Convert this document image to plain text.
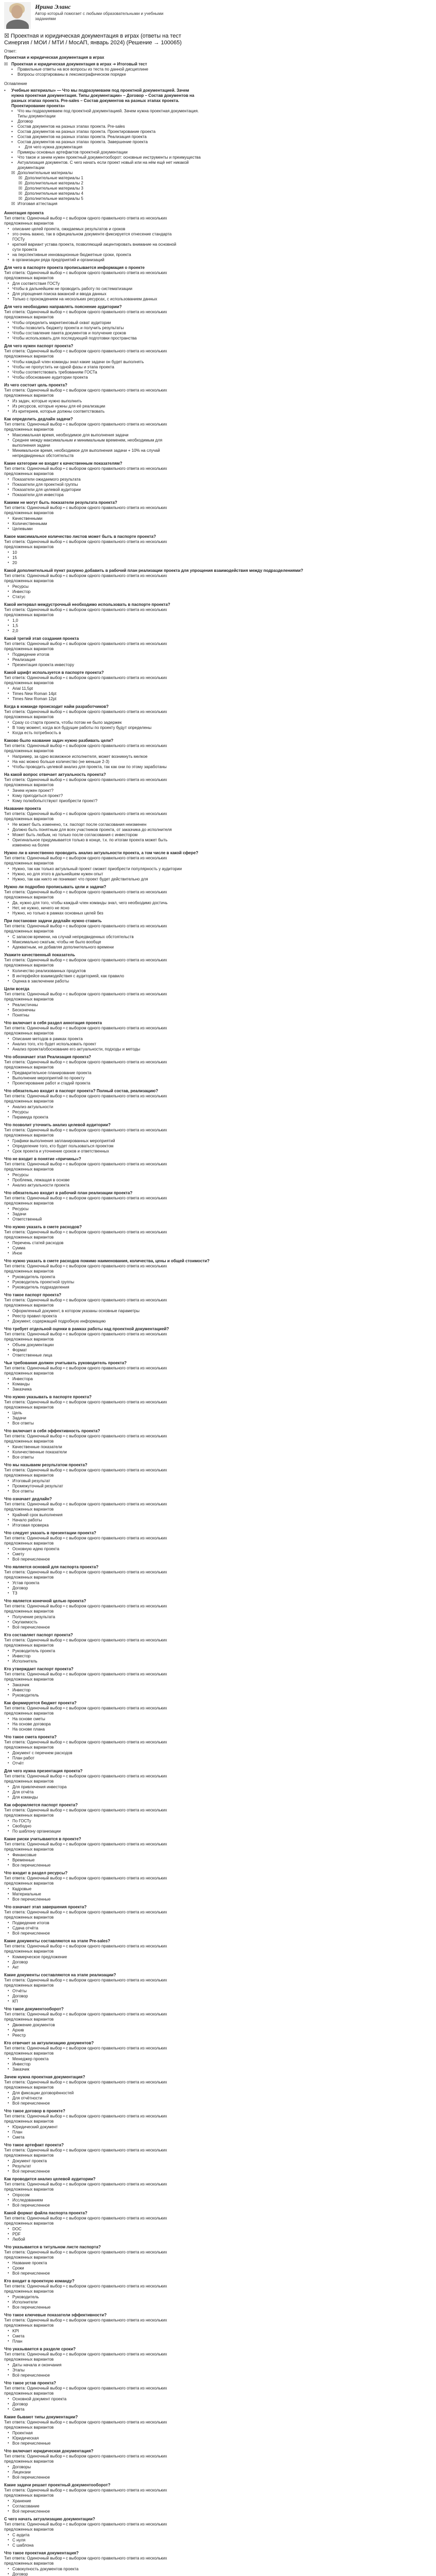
Ирина Эланс
Автор который помогает с любыми образовательными и учебными заданиями
☒ Проектная и юридическая документация в играх (ответы на тест Синергия / МОИ / МТИ / МосАП, январь 2024) (Решение → 100065)
Ответ:
Проектная и юридическая документация в играх
☒ Проектная и юридическая документация в играх ➔ Итоговый тест
•	Правильные ответы на все вопросы из теста по данной дисциплине
•	Вопросы отсортированы в лексикографическом порядке
Оглавление
•	Учебные материалы» — Что мы подразумеваем под проектной документацией. Зачем нужна проектная документация. Типы документации» – Договор – Состав документов на разных этапах проекта. Pre-sales – Состав документов на разных этапах проекта. Проектирование проекта»
•	Что мы подразумеваем под проектной документацией. Зачем нужна проектная документация. Типы документации
•	Договор
•	Состав документов на разных этапах проекта. Pre-sales
•	Состав документов на разных этапах проекта. Проектирование проекта
•	Состав документов на разных этапах проекта. Реализация проекта
•	Состав документов на разных этапах проекта. Завершение проекта
•	Для чего нужна документация
•	Примеры основных артефактов проектной документации
•	Что такое и зачем нужен проектный документооборот: основные инструменты и преимущества
•	Актуализация документов. С чего начать если проект новый или на нём ещё нет никакой документации
☒ Дополнительные материалы
☒ Дополнительные материалы 1
☒ Дополнительные материалы 2
☒ Дополнительные материалы 3
☒ Дополнительные материалы 4
☒ Дополнительные материалы 5
☒ Итоговая аттестация
Аннотация проекта
Тип ответа: Одиночный выбор • с выбором одного правильного ответа из нескольких предложенных вариантов
• описание целей проекта, ожидаемых результатов и сроков
• это очень важно, так в официальном документе фиксируется отнесение стандарта ГОСТу
• краткий вариант устава проекта, позволяющий акцентировать внимание на основной сути проекта
• на перспективные инновационные бюджетные сроки, проекта
• в организации ряда предприятий и организаций
Для чего в паспорте проекта прописывается информация о проекте
Тип ответа: Одиночный выбор • с выбором одного правильного ответа из нескольких предложенных вариантов
• Для соответствия ГОСТу
• Чтобы в дальнейшем не проводить работу по систематизации
• Для упрощения поиска вакансий и ввода данных
• Только с прохождением на нескольких ресурсах, с использованием данных
Для чего необходимо направлять пояснение аудитории?
Тип ответа: Одиночный выбор • с выбором одного правильного ответа из нескольких предложенных вариантов
• Чтобы определить маркетинговый охват аудитории
• Чтобы позволить бюджету проекта и получить результаты
• Чтобы составление пакета документов и получение сроков
• Чтобы использовать для последующей подготовки пространства
Для чего нужен паспорт проекта?
Тип ответа: Одиночный выбор • с выбором одного правильного ответа из нескольких предложенных вариантов
• Чтобы каждый член команды знал какие задачи он будет выполнять
• Чтобы не пропустить ни одной фазы и этапа проекта
• Чтобы соответствовать требованиям ГОСТа
• Чтобы обоснование аудитории проекта
Из чего состоит цель проекта?
Тип ответа: Одиночный выбор • с выбором одного правильного ответа из нескольких предложенных вариантов
• Из задач, которые нужно выполнить
• Из ресурсов, которые нужны для её реализации
• Из критериев, которые должны соответствовать
Как определить дедлайн задачи?
Тип ответа: Одиночный выбор • с выбором одного правильного ответа из нескольких предложенных вариантов
• Максимальная время, необходимое для выполнения задачи
• Среднее между максимальным и минимальным временем, необходимым для выполнения задачи
• Минимальное время, необходимое для выполнения задачи + 10% на случай непредвиденных обстоятельств
Какие категории не входят к качественным показателям?
Тип ответа: Одиночный выбор • с выбором одного правильного ответа из нескольких предложенных вариантов
• Показатели ожидаемого результата
• Показатели для проектной группы
• Показатели для целевой аудитории
• Показатели для инвестора
Какими не могут быть показатели результата проекта?
Тип ответа: Одиночный выбор • с выбором одного правильного ответа из нескольких предложенных вариантов
• Качественными
• Количественными
• Целевыми
Какое максимальное количество листов может быть в паспорте проекта?
Тип ответа: Одиночный выбор • с выбором одного правильного ответа из нескольких предложенных вариантов
• 10
• 15
• 20
Какой дополнительный пункт разумно добавить в рабочий план реализации проекта для упрощения взаимодействия между подразделениями?
Тип ответа: Одиночный выбор • с выбором одного правильного ответа из нескольких предложенных вариантов
• Ресурсы
• Инвестор
• Статус
Какой интервал междустрочный необходимо использовать в паспорте проекта?
Тип ответа: Одиночный выбор • с выбором одного правильного ответа из нескольких предложенных вариантов
• 1,0
• 1,5
• 2,0
Какой третий этап создания проекта
Тип ответа: Одиночный выбор • с выбором одного правильного ответа из нескольких предложенных вариантов
• Подведение итогов
• Реализация
• Презентация проекта инвестору
Какой шрифт используется в паспорте проекта?
Тип ответа: Одиночный выбор • с выбором одного правильного ответа из нескольких предложенных вариантов
• Arial 11,5pt
• Times New Roman 14pt
• Times New Roman 12pt
Когда в команде происходит найм разработчиков?
Тип ответа: Одиночный выбор • с выбором одного правильного ответа из нескольких предложенных вариантов
• Сразу со старта проекта, чтобы потом не было задержек
• В тому момент, когда вся будущие работы по проекту будут определены
• Когда есть потребность в
Каково было название задач нужно разбивать цели?
Тип ответа: Одиночный выбор • с выбором одного правильного ответа из нескольких предложенных вариантов
• Например, за одно возможное исполнителя, может возникнуть мелкое
• На нас можно больше количество (не меньше 2-3)
• Чтобы проводить целевой анализ для проекта, так как они по этому заработаны
На какой вопрос отвечает актуальность проекта?
Тип ответа: Одиночный выбор • с выбором одного правильного ответа из нескольких предложенных вариантов
• Зачем нужен проект?
• Кому пригодиться проект?
• Кому полюбопытствуют приобрести проект?
Название проекта
Тип ответа: Одиночный выбор • с выбором одного правильного ответа из нескольких предложенных вариантов
• Не может быть изменено, т.к. паспорт после согласования неизменен
• Должно быть понятным для всех участников проекта, от заказчика до исполнителя
• Может быть любым, но только после согласования с инвестором
• Оригинальное придумывается только в конце, т.к. по итогам проекта может быть изменено на более
Нужно ли в качественно проводить анализ актуальности проекта, а том числе в какой сфере?
Тип ответа: Одиночный выбор • с выбором одного правильного ответа из нескольких предложенных вариантов
• Нужно, так как только актуальный проект сможет приобрести популярность у аудитории
• Нужно, но для этого в дальнейшем нужен опыт
• Нужно, так как никто не понимает что проект будет действительно для
Нужно ли подробно прописывать цели и задачи?
Тип ответа: Одиночный выбор • с выбором одного правильного ответа из нескольких предложенных вариантов
• Да, нужно для того, чтобы каждый член команды знал, чего необходимо достичь
• Нет, не нужно, ничего не ясно
• Нужно, но только в рамках основных целей без
При постановке задачи дедлайн нужно ставить
Тип ответа: Одиночный выбор • с выбором одного правильного ответа из нескольких предложенных вариантов
• С запасом времени, на случай непредвиденных обстоятельств
• Максимально сжатым, чтобы не было вообще
• Адекватным, не добавляя дополнительного времени
Укажите качественный показатель
Тип ответа: Одиночный выбор • с выбором одного правильного ответа из нескольких предложенных вариантов
• Количество реализованных продуктов
• В интерфейсе взаимодействия с аудиторией, как правило
• Оценка в заключении работы
Цели всегда
Тип ответа: Одиночный выбор • с выбором одного правильного ответа из нескольких предложенных вариантов
• Реалистичны
• Бесконечны
• Понятны
Что включает в себя раздел аннотация проекта
Тип ответа: Одиночный выбор • с выбором одного правильного ответа из нескольких предложенных вариантов
• Описание методов в рамках проекта
• Анализ того, кто будет использовать проект
• Анализ проекта/обоснование его актуальности, подходы и методы
Что обозначает этап Реализация проекта?
Тип ответа: Одиночный выбор • с выбором одного правильного ответа из нескольких предложенных вариантов
• Предварительное планирование проекта
• Выполнение мероприятий по проекту
• Проектирование работ и стадий проекта
Что обязательно входит в паспорт проекта? Полный состав, реализацию?
Тип ответа: Одиночный выбор • с выбором одного правильного ответа из нескольких предложенных вариантов
• Анализ актуальности
• Ресурсы
• Пирамида проекта
Что позволит уточнить анализ целевой аудитории?
Тип ответа: Одиночный выбор • с выбором одного правильного ответа из нескольких предложенных вариантов
• Графики выполнения запланированных мероприятий
• Определение того, кто будет пользоваться проектом
• Срок проекта и уточнение сроков и ответственных
Что не входит в понятие «причины»?
Тип ответа: Одиночный выбор • с выбором одного правильного ответа из нескольких предложенных вариантов
• Ресурсы
• Проблема, лежащая в основе
• Анализ актуальности проекта
Что обязательно входит в рабочий план реализации проекта?
Тип ответа: Одиночный выбор • с выбором одного правильного ответа из нескольких предложенных вариантов
• Ресурсы
• Задачи
• Ответственный
Что нужно указать в смете расходов?
Тип ответа: Одиночный выбор • с выбором одного правильного ответа из нескольких предложенных вариантов
• Перечень статей расходов
• Сумма
• Иное
Что нужно указать в смете расходов помимо наименования, количества, цены и общей стоимости?
Тип ответа: Одиночный выбор • с выбором одного правильного ответа из нескольких предложенных вариантов
• Руководитель проекта
• Руководитель проектной группы
• Руководитель подразделения
Что такое паспорт проекта?
Тип ответа: Одиночный выбор • с выбором одного правильного ответа из нескольких предложенных вариантов
• Оформленный документ, в котором указаны основные параметры
• Реестр правил проекта
• Документ, содержащий подробную информацию
Что требует отдельной оценки в рамках работы над проектной документацией?
Тип ответа: Одиночный выбор • с выбором одного правильного ответа из нескольких предложенных вариантов
• Объем документации
• Формат
• Ответственные лица
Чьи требования должен учитывать руководитель проекта?
Тип ответа: Одиночный выбор • с выбором одного правильного ответа из нескольких предложенных вариантов
• Инвестора
• Команды
• Заказчика
Что нужно указывать в паспорте проекта?
Тип ответа: Одиночный выбор • с выбором одного правильного ответа из нескольких предложенных вариантов
• Цель
• Задачи
• Все ответы
Что включает в себя эффективность проекта?
Тип ответа: Одиночный выбор • с выбором одного правильного ответа из нескольких предложенных вариантов
• Качественные показатели
• Количественные показатели
• Все ответы
Что мы называем результатом проекта?
Тип ответа: Одиночный выбор • с выбором одного правильного ответа из нескольких предложенных вариантов
• Итоговый результат
• Промежуточный результат
• Все ответы
Что означает дедлайн?
Тип ответа: Одиночный выбор • с выбором одного правильного ответа из нескольких предложенных вариантов
• Крайний срок выполнения
• Начало работы
• Итоговая проверка
Что следует указать в презентации проекта?
Тип ответа: Одиночный выбор • с выбором одного правильного ответа из нескольких предложенных вариантов
• Основную идею проекта
• Смету
• Всё перечисленное
Что является основой для паспорта проекта?
Тип ответа: Одиночный выбор • с выбором одного правильного ответа из нескольких предложенных вариантов
• Устав проекта
• Договор
• ТЗ
Что является конечной целью проекта?
Тип ответа: Одиночный выбор • с выбором одного правильного ответа из нескольких предложенных вариантов
• Получение результата
• Окупаемость
• Всё перечисленное
Кто составляет паспорт проекта?
Тип ответа: Одиночный выбор • с выбором одного правильного ответа из нескольких предложенных вариантов
• Руководитель проекта
• Инвестор
• Исполнитель
Кто утверждает паспорт проекта?
Тип ответа: Одиночный выбор • с выбором одного правильного ответа из нескольких предложенных вариантов
• Заказчик
• Инвестор
• Руководитель
Как формируется бюджет проекта?
Тип ответа: Одиночный выбор • с выбором одного правильного ответа из нескольких предложенных вариантов
• На основе сметы
• На основе договора
• На основе плана
Что такое смета проекта?
Тип ответа: Одиночный выбор • с выбором одного правильного ответа из нескольких предложенных вариантов
• Документ с перечнем расходов
• План работ
• Отчёт
Для чего нужна презентация проекта?
Тип ответа: Одиночный выбор • с выбором одного правильного ответа из нескольких предложенных вариантов
• Для привлечения инвестора
• Для отчёта
• Для команды
Как оформляется паспорт проекта?
Тип ответа: Одиночный выбор • с выбором одного правильного ответа из нескольких предложенных вариантов
• По ГОСТу
• Свободно
• По шаблону организации
Какие риски учитываются в проекте?
Тип ответа: Одиночный выбор • с выбором одного правильного ответа из нескольких предложенных вариантов
• Финансовые
• Временные
• Все перечисленные
Что входит в раздел ресурсы?
Тип ответа: Одиночный выбор • с выбором одного правильного ответа из нескольких предложенных вариантов
• Кадровые
• Материальные
• Все перечисленные
Что означает этап завершения проекта?
Тип ответа: Одиночный выбор • с выбором одного правильного ответа из нескольких предложенных вариантов
• Подведение итогов
• Сдача отчёта
• Всё перечисленное
Какие документы составляются на этапе Pre-sales?
Тип ответа: Одиночный выбор • с выбором одного правильного ответа из нескольких предложенных вариантов
• Коммерческое предложение
• Договор
• Акт
Какие документы составляются на этапе реализации?
Тип ответа: Одиночный выбор • с выбором одного правильного ответа из нескольких предложенных вариантов
• Отчёты
• Договор
• КП
Что такое документооборот?
Тип ответа: Одиночный выбор • с выбором одного правильного ответа из нескольких предложенных вариантов
• Движение документов
• Архив
• Реестр
Кто отвечает за актуализацию документов?
Тип ответа: Одиночный выбор • с выбором одного правильного ответа из нескольких предложенных вариантов
• Менеджер проекта
• Инвестор
• Заказчик
Зачем нужна проектная документация?
Тип ответа: Одиночный выбор • с выбором одного правильного ответа из нескольких предложенных вариантов
• Для фиксации договорённостей
• Для отчётности
• Всё перечисленное
Что такое договор в проекте?
Тип ответа: Одиночный выбор • с выбором одного правильного ответа из нескольких предложенных вариантов
• Юридический документ
• План
• Смета
Что такое артефакт проекта?
Тип ответа: Одиночный выбор • с выбором одного правильного ответа из нескольких предложенных вариантов
• Документ проекта
• Результат
• Всё перечисленное
Как проводится анализ целевой аудитории?
Тип ответа: Одиночный выбор • с выбором одного правильного ответа из нескольких предложенных вариантов
• Опросом
• Исследованием
• Всё перечисленное
Какой формат файла паспорта проекта?
Тип ответа: Одиночный выбор • с выбором одного правильного ответа из нескольких предложенных вариантов
• DOC
• PDF
• Любой
Что указывается в титульном листе паспорта?
Тип ответа: Одиночный выбор • с выбором одного правильного ответа из нескольких предложенных вариантов
• Название проекта
• Сроки
• Всё перечисленное
Кто входит в проектную команду?
Тип ответа: Одиночный выбор • с выбором одного правильного ответа из нескольких предложенных вариантов
• Руководитель
• Исполнители
• Все перечисленные
Что такое ключевые показатели эффективности?
Тип ответа: Одиночный выбор • с выбором одного правильного ответа из нескольких предложенных вариантов
• KPI
• Смета
• План
Что указывается в разделе сроки?
Тип ответа: Одиночный выбор • с выбором одного правильного ответа из нескольких предложенных вариантов
• Даты начала и окончания
• Этапы
• Всё перечисленное
Что такое устав проекта?
Тип ответа: Одиночный выбор • с выбором одного правильного ответа из нескольких предложенных вариантов
• Основной документ проекта
• Договор
• Смета
Какие бывают типы документации?
Тип ответа: Одиночный выбор • с выбором одного правильного ответа из нескольких предложенных вариантов
• Проектная
• Юридическая
• Все перечисленные
Что включает юридическая документация?
Тип ответа: Одиночный выбор • с выбором одного правильного ответа из нескольких предложенных вариантов
• Договоры
• Лицензии
• Всё перечисленное
Какие задачи решает проектный документооборот?
Тип ответа: Одиночный выбор • с выбором одного правильного ответа из нескольких предложенных вариантов
• Хранение
• Согласование
• Всё перечисленное
С чего начать актуализацию документации?
Тип ответа: Одиночный выбор • с выбором одного правильного ответа из нескольких предложенных вариантов
• С аудита
• С нуля
• С шаблона
Что такое проектная документация?
Тип ответа: Одиночный выбор • с выбором одного правильного ответа из нескольких предложенных вариантов
• Совокупность документов проекта
• Договор
